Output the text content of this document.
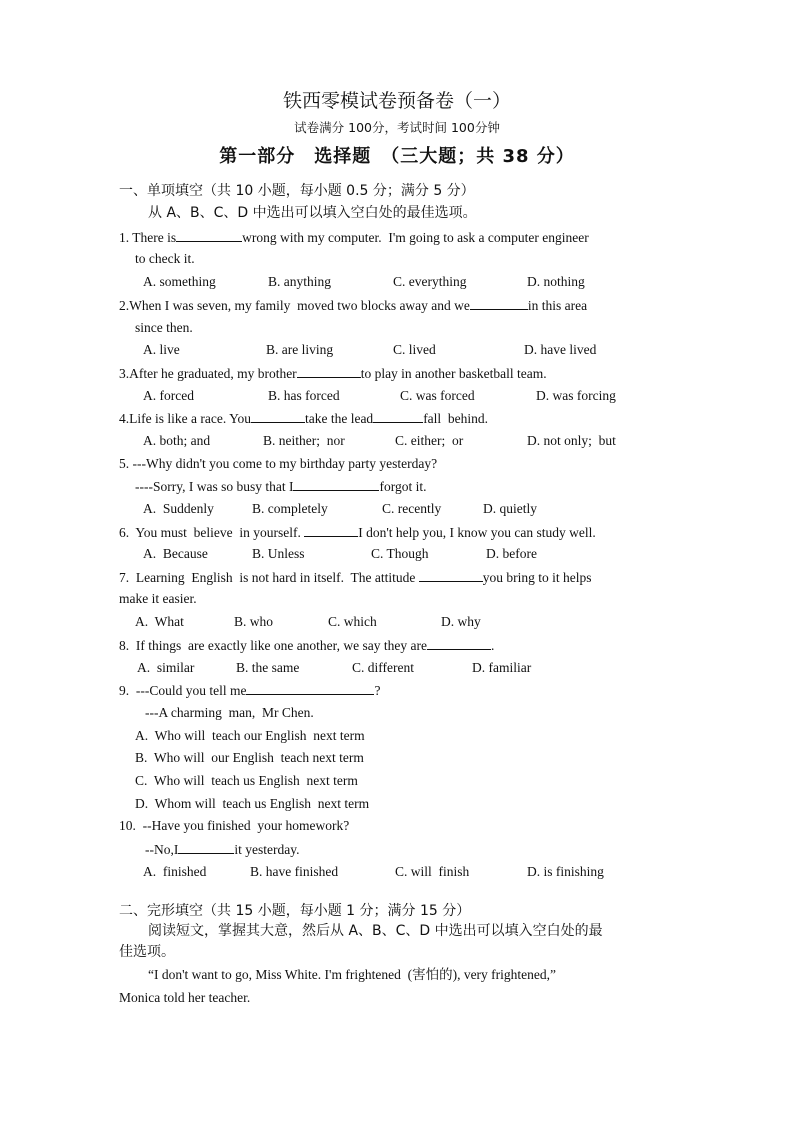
铁西零模试卷预备卷（一）
试卷满分 100分，考试时间 100分钟
第一部分　选择题　（三大题；共 38 分）
一、单项填空（共 10 小题，每小题 0.5 分；满分 5 分）
从 A、B、C、D 中选出可以填入空白处的最佳选项。
1. There is	wrong with my computer.  I'm going to ask a computer engineer
to check it.
A. something	B. anything	C. everything	D. nothing
2.When I was seven, my family  moved two blocks away and we	in this area
since then.
A. live	B. are living	C. lived	D. have lived
3.After he graduated, my brother	to play in another basketball team.
A. forced	B. has forced	C. was forced	D. was forcing
4.Life is like a race. You	take the lead	fall  behind.
A. both; and	B. neither;  nor	C. either;  or	D. not only;  but
5. ---Why didn't you come to my birthday party yesterday?
----Sorry, I was so busy that I	forgot it.
A.  Suddenly	B. completely	C. recently	D. quietly
6.  You must  believe  in yourself.	I don't help you, I know you can study well.
A.  Because	B. Unless	C. Though	D. before
7.  Learning  English  is not hard in itself.  The attitude	you bring to it helps
make it easier.
A.  What	B. who	C. which	D. why
8.  If things  are exactly like one another, we say they are	.
A.  similar	B. the same	C. different	D. familiar
9.  ---Could you tell me	?
---A charming  man,  Mr Chen.
A.  Who will  teach our English  next term
B.  Who will  our English  teach next term
C.  Who will  teach us English  next term
D.  Whom will  teach us English  next term
10.  --Have you finished  your homework?
--No,I	it yesterday.
A.  finished	B. have finished	C. will  finish	D. is finishing
二、完形填空（共 15 小题，每小题 1 分；满分 15 分）
阅读短文，掌握其大意，然后从 A、B、C、D 中选出可以填入空白处的最
佳选项。
“I don't want to go, Miss White. I'm frightened  (害怕的), very frightened,”
Monica told her teacher.
